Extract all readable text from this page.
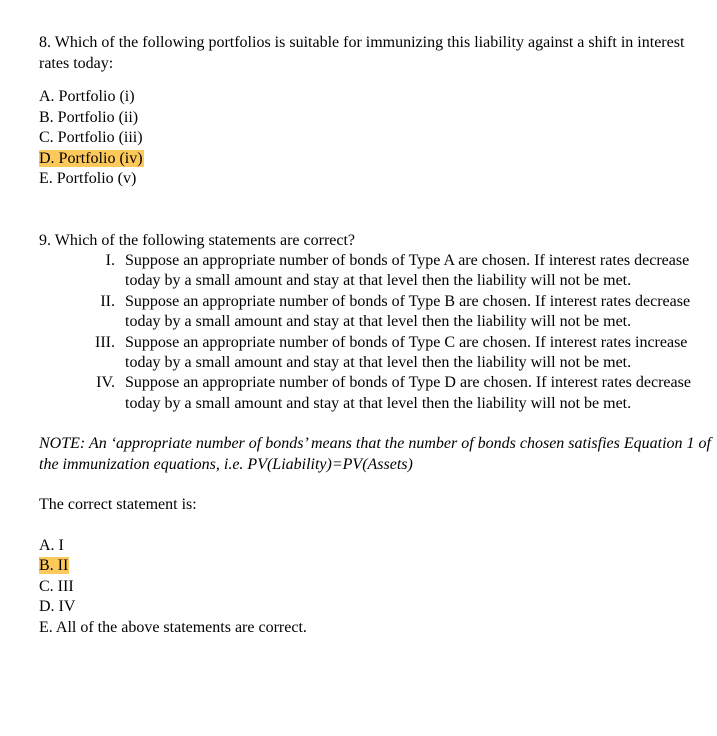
8. Which of the following portfolios is suitable for immunizing this liability against a shift in interest rates today:
A. Portfolio (i)
B. Portfolio (ii)
C. Portfolio (iii)
D. Portfolio (iv)
E. Portfolio (v)
9. Which of the following statements are correct?
I. Suppose an appropriate number of bonds of Type A are chosen. If interest rates decrease today by a small amount and stay at that level then the liability will not be met.
II. Suppose an appropriate number of bonds of Type B are chosen. If interest rates decrease today by a small amount and stay at that level then the liability will not be met.
III. Suppose an appropriate number of bonds of Type C are chosen. If interest rates increase today by a small amount and stay at that level then the liability will not be met.
IV. Suppose an appropriate number of bonds of Type D are chosen. If interest rates decrease today by a small amount and stay at that level then the liability will not be met.
NOTE: An ‘appropriate number of bonds’ means that the number of bonds chosen satisfies Equation 1 of the immunization equations, i.e. PV(Liability)=PV(Assets)
The correct statement is:
A. I
B. II
C. III
D. IV
E. All of the above statements are correct.
